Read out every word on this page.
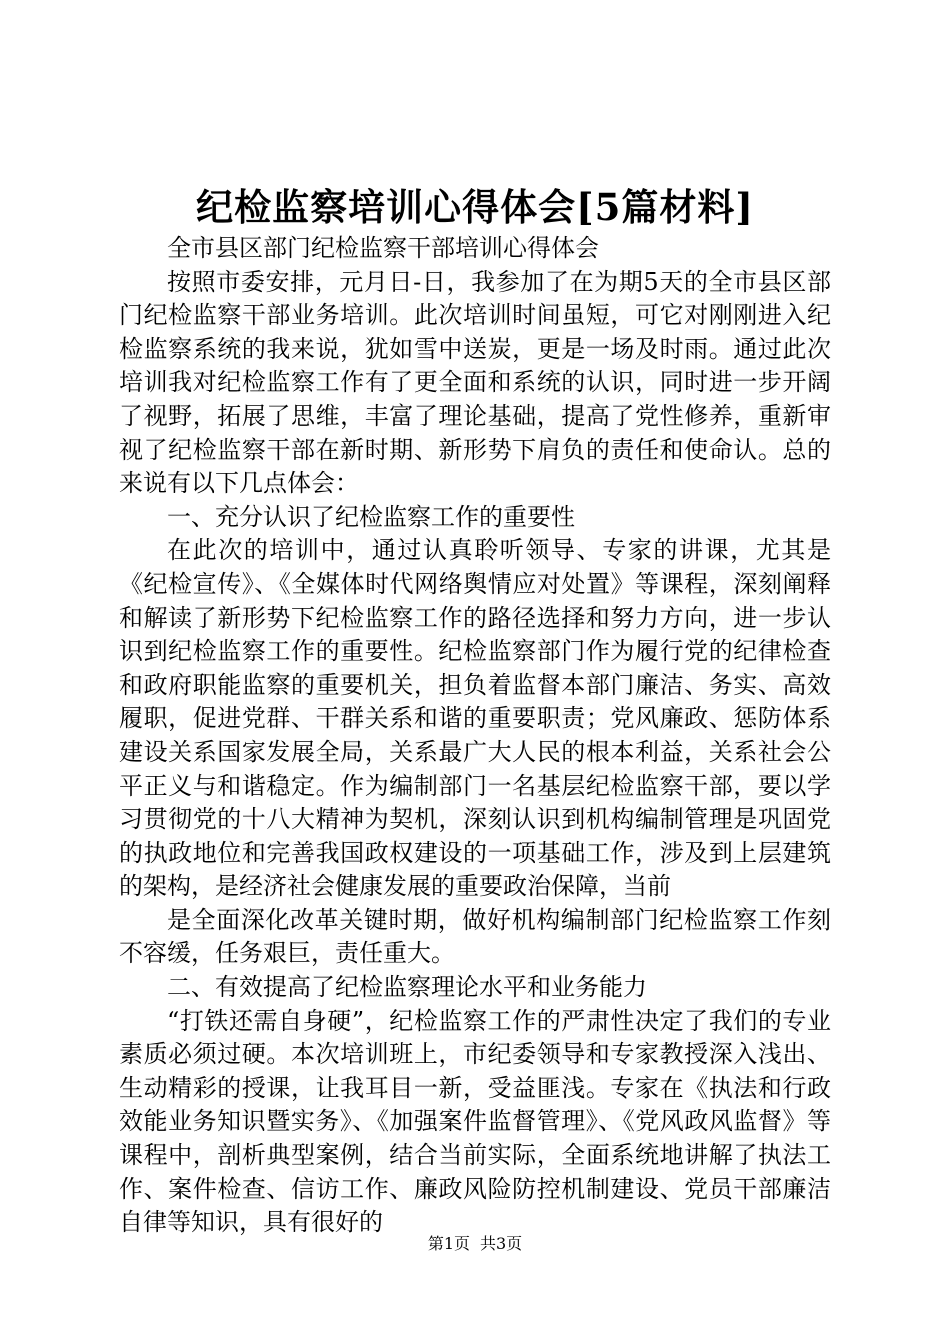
纪检监察培训心得体会[5篇材料]

全市县区部门纪检监察干部培训心得体会

按照市委安排，元月日-日，我参加了在为期5天的全市县区部门纪检监察干部业务培训。此次培训时间虽短，可它对刚刚进入纪检监察系统的我来说，犹如雪中送炭，更是一场及时雨。通过此次培训我对纪检监察工作有了更全面和系统的认识，同时进一步开阔了视野，拓展了思维，丰富了理论基础，提高了党性修养，重新审视了纪检监察干部在新时期、新形势下肩负的责任和使命认。总的来说有以下几点体会：

一、充分认识了纪检监察工作的重要性

在此次的培训中，通过认真聆听领导、专家的讲课，尤其是《纪检宣传》、《全媒体时代网络舆情应对处置》等课程，深刻阐释和解读了新形势下纪检监察工作的路径选择和努力方向，进一步认识到纪检监察工作的重要性。纪检监察部门作为履行党的纪律检查和政府职能监察的重要机关，担负着监督本部门廉洁、务实、高效履职，促进党群、干群关系和谐的重要职责；党风廉政、惩防体系建设关系国家发展全局，关系最广大人民的根本利益，关系社会公平正义与和谐稳定。作为编制部门一名基层纪检监察干部，要以学习贯彻党的十八大精神为契机，深刻认识到机构编制管理是巩固党的执政地位和完善我国政权建设的一项基础工作，涉及到上层建筑的架构，是经济社会健康发展的重要政治保障，当前

是全面深化改革关键时期，做好机构编制部门纪检监察工作刻不容缓，任务艰巨，责任重大。

二、有效提高了纪检监察理论水平和业务能力

“打铁还需自身硬”，纪检监察工作的严肃性决定了我们的专业素质必须过硬。本次培训班上，市纪委领导和专家教授深入浅出、生动精彩的授课，让我耳目一新，受益匪浅。专家在《执法和行政效能业务知识暨实务》、《加强案件监督管理》、《党风政风监督》等课程中，剖析典型案例，结合当前实际，全面系统地讲解了执法工作、案件检查、信访工作、廉政风险防控机制建设、党员干部廉洁自律等知识，具有很好的

第1页 共3页
